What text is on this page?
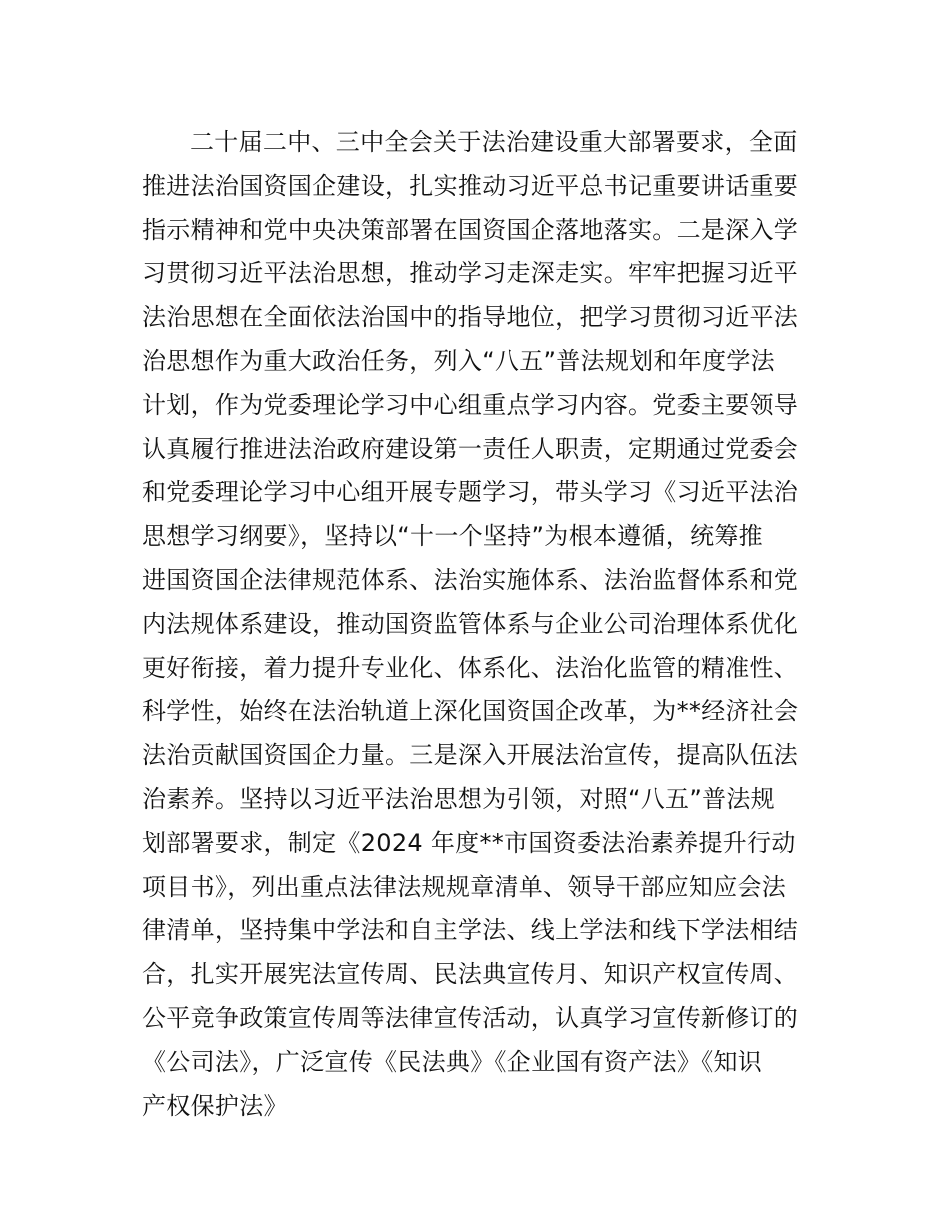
二十届二中、三中全会关于法治建设重大部署要求，全面
推进法治国资国企建设，扎实推动习近平总书记重要讲话重要
指示精神和党中央决策部署在国资国企落地落实。二是深入学
习贯彻习近平法治思想，推动学习走深走实。牢牢把握习近平
法治思想在全面依法治国中的指导地位，把学习贯彻习近平法
治思想作为重大政治任务，列入“八五”普法规划和年度学法
计划，作为党委理论学习中心组重点学习内容。党委主要领导
认真履行推进法治政府建设第一责任人职责，定期通过党委会
和党委理论学习中心组开展专题学习，带头学习《习近平法治
思想学习纲要》，坚持以“十一个坚持”为根本遵循，统筹推
进国资国企法律规范体系、法治实施体系、法治监督体系和党
内法规体系建设，推动国资监管体系与企业公司治理体系优化
更好衔接，着力提升专业化、体系化、法治化监管的精准性、
科学性，始终在法治轨道上深化国资国企改革，为**经济社会
法治贡献国资国企力量。三是深入开展法治宣传，提高队伍法
治素养。坚持以习近平法治思想为引领，对照“八五”普法规
划部署要求，制定《2024 年度**市国资委法治素养提升行动
项目书》，列出重点法律法规规章清单、领导干部应知应会法
律清单，坚持集中学法和自主学法、线上学法和线下学法相结
合，扎实开展宪法宣传周、民法典宣传月、知识产权宣传周、
公平竞争政策宣传周等法律宣传活动，认真学习宣传新修订的
《公司法》，广泛宣传《民法典》《企业国有资产法》《知识
产权保护法》
